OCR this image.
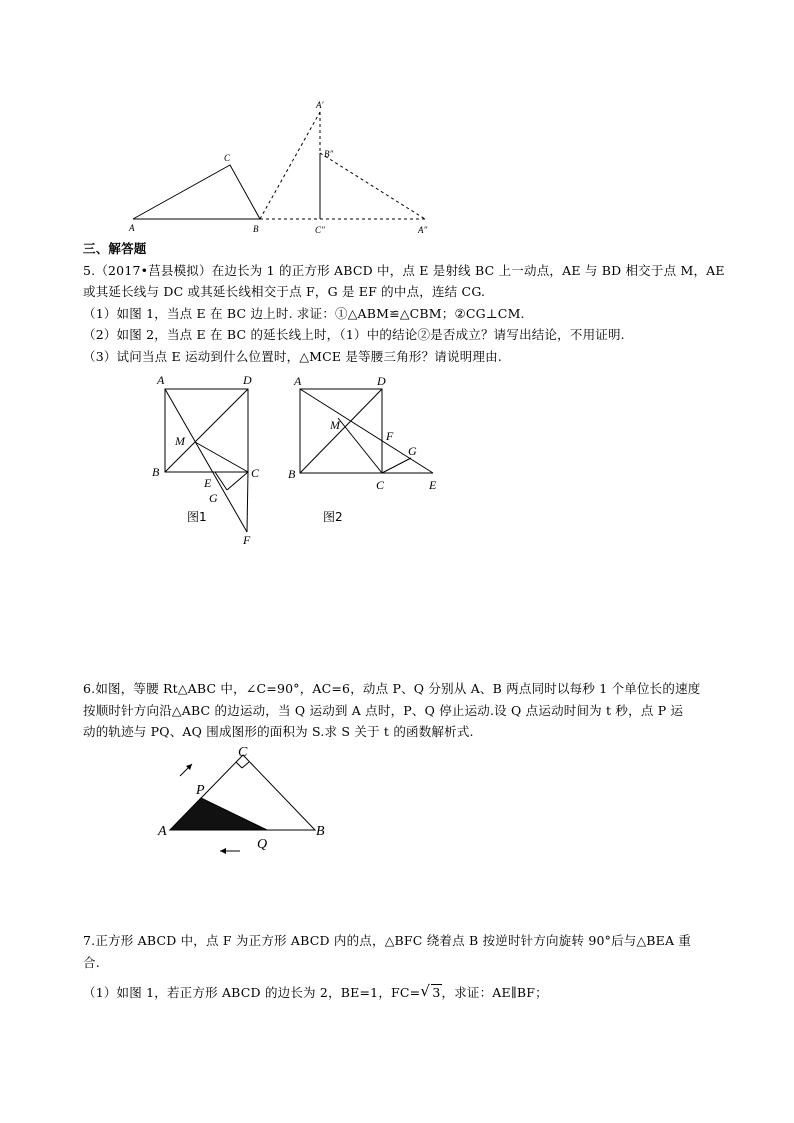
A
C
B
A'
B"
C"	A"
三、解答题
5.（2017•莒县模拟）在边长为 1 的正方形 ABCD 中，点 E 是射线 BC 上一动点，AE 与 BD 相交于点 M，AE
或其延长线与 DC 或其延长线相交于点 F，G 是 EF 的中点，连结 CG.
（1）如图 1，当点 E 在 BC 边上时. 求证：①△ABM≌△CBM；②CG⊥CM.
（2）如图 2，当点 E 在 BC 的延长线上时，（1）中的结论②是否成立？请写出结论，不用证明.
（3）试问当点 E 运动到什么位置时，△MCE 是等腰三角形？请说明理由.
A	D
M
B	C
E
G
F
图1
A	D
M
F
G
B
C	E
图2
6.如图，等腰 Rt△ABC 中，∠C=90°，AC=6，动点 P、Q 分别从 A、B 两点同时以每秒 1 个单位长的速度
按顺时针方向沿△ABC 的边运动，当 Q 运动到 A 点时，P、Q 停止运动.设 Q 点运动时间为 t 秒，点 P 运
动的轨迹与 PQ、AQ 围成图形的面积为 S.求 S 关于 t 的函数解析式.
C
P
A	B
Q
7.正方形 ABCD 中，点 F 为正方形 ABCD 内的点，△BFC 绕着点 B 按逆时针方向旋转 90°后与△BEA 重
合.
（1）如图 1，若正方形 ABCD 的边长为 2，BE=1，FC= √ 3，求证：AE∥BF；
